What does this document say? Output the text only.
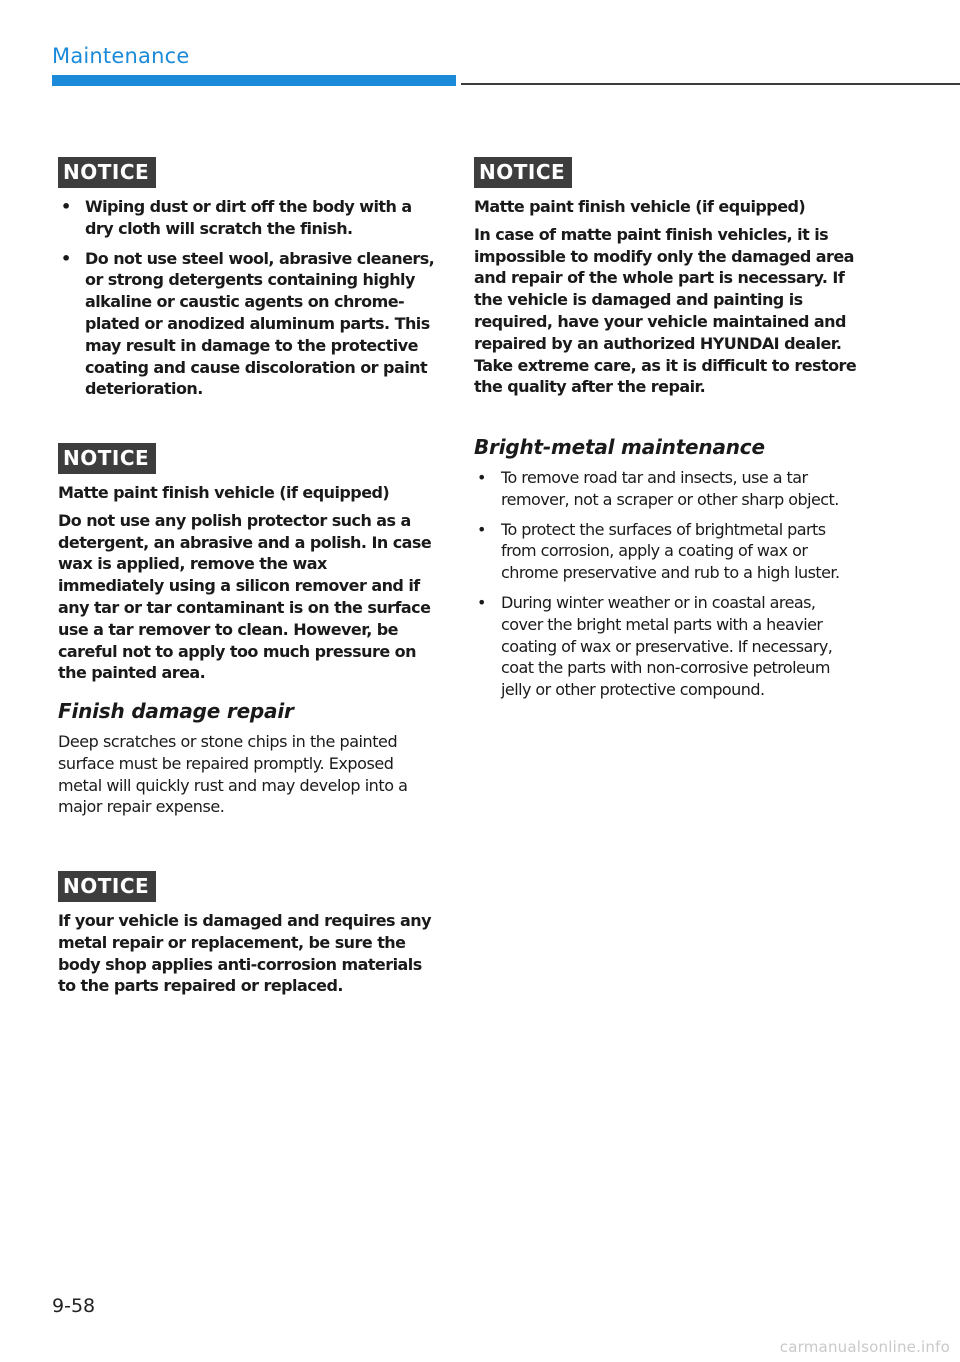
Maintenance
NOTICE
• Wiping dust or dirt off the body with a dry cloth will scratch the finish.
• Do not use steel wool, abrasive cleaners, or strong detergents containing highly alkaline or caustic agents on chrome-plated or anodized aluminum parts. This may result in damage to the protective coating and cause discoloration or paint deterioration.
NOTICE

Matte paint finish vehicle (if equipped)

Do not use any polish protector such as a detergent, an abrasive and a polish. In case wax is applied, remove the wax immediately using a silicon remover and if any tar or tar contaminant is on the surface use a tar remover to clean. However, be careful not to apply too much pressure on the painted area.

Finish damage repair

Deep scratches or stone chips in the painted surface must be repaired promptly. Exposed metal will quickly rust and may develop into a major repair expense.

NOTICE

If your vehicle is damaged and requires any metal repair or replacement, be sure the body shop applies anti-corrosion materials to the parts repaired or replaced.

NOTICE

Matte paint finish vehicle (if equipped)

In case of matte paint finish vehicles, it is impossible to modify only the damaged area and repair of the whole part is necessary. If the vehicle is damaged and painting is required, have your vehicle maintained and repaired by an authorized HYUNDAI dealer. Take extreme care, as it is difficult to restore the quality after the repair.

Bright-metal maintenance
• To remove road tar and insects, use a tar remover, not a scraper or other sharp object.
• To protect the surfaces of brightmetal parts from corrosion, apply a coating of wax or chrome preservative and rub to a high luster.
• During winter weather or in coastal areas, cover the bright metal parts with a heavier coating of wax or preservative. If necessary, coat the parts with non-corrosive petroleum jelly or other protective compound.
9-58
carmanualsonline.info
